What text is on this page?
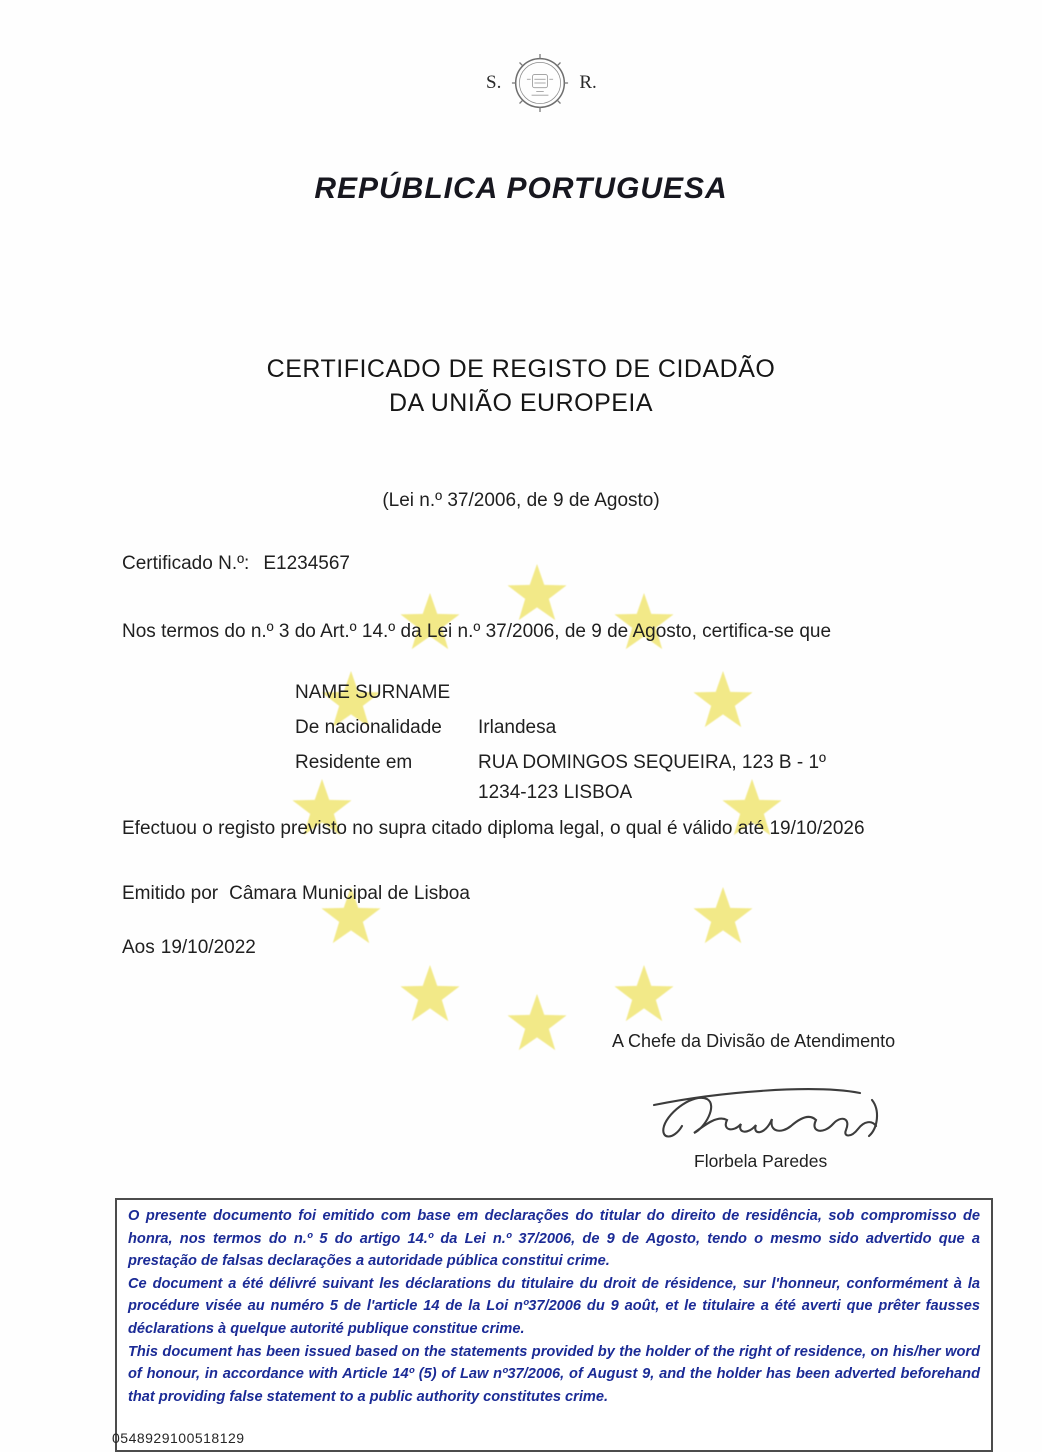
S.	R.
REPÚBLICA PORTUGUESA
CERTIFICADO DE REGISTO DE CIDADÃO
DA UNIÃO EUROPEIA
(Lei n.º 37/2006, de 9 de Agosto)
Certificado N.º: E1234567
Nos termos do n.º 3 do Art.º 14.º da Lei n.º 37/2006, de 9 de Agosto, certifica-se que
NAME SURNAME
De nacionalidade	Irlandesa
Residente em	RUA DOMINGOS SEQUEIRA, 123 B - 1º
1234-123 LISBOA
Efectuou o registo previsto no supra citado diploma legal, o qual é válido até 19/10/2026
Emitido por Câmara Municipal de Lisboa
Aos 19/10/2022
A Chefe da Divisão de Atendimento
Florbela Paredes

O presente documento foi emitido com base em declarações do titular do direito de residência, sob compromisso de honra, nos termos do n.º 5 do artigo 14.º da Lei n.º 37/2006, de 9 de Agosto, tendo o mesmo sido advertido que a prestação de falsas declarações a autoridade pública constitui crime.

Ce document a été délivré suivant les déclarations du titulaire du droit de résidence, sur l'honneur, conformément à la procédure visée au numéro 5 de l'article 14 de la Loi nº37/2006 du 9 août, et le titulaire a été averti que prêter fausses déclarations à quelque autorité publique constitue crime.

This document has been issued based on the statements provided by the holder of the right of residence, on his/her word of honour, in accordance with Article 14º (5) of Law nº37/2006, of August 9, and the holder has been adverted beforehand that providing false statement to a public authority constitutes crime.

0548929100518129
